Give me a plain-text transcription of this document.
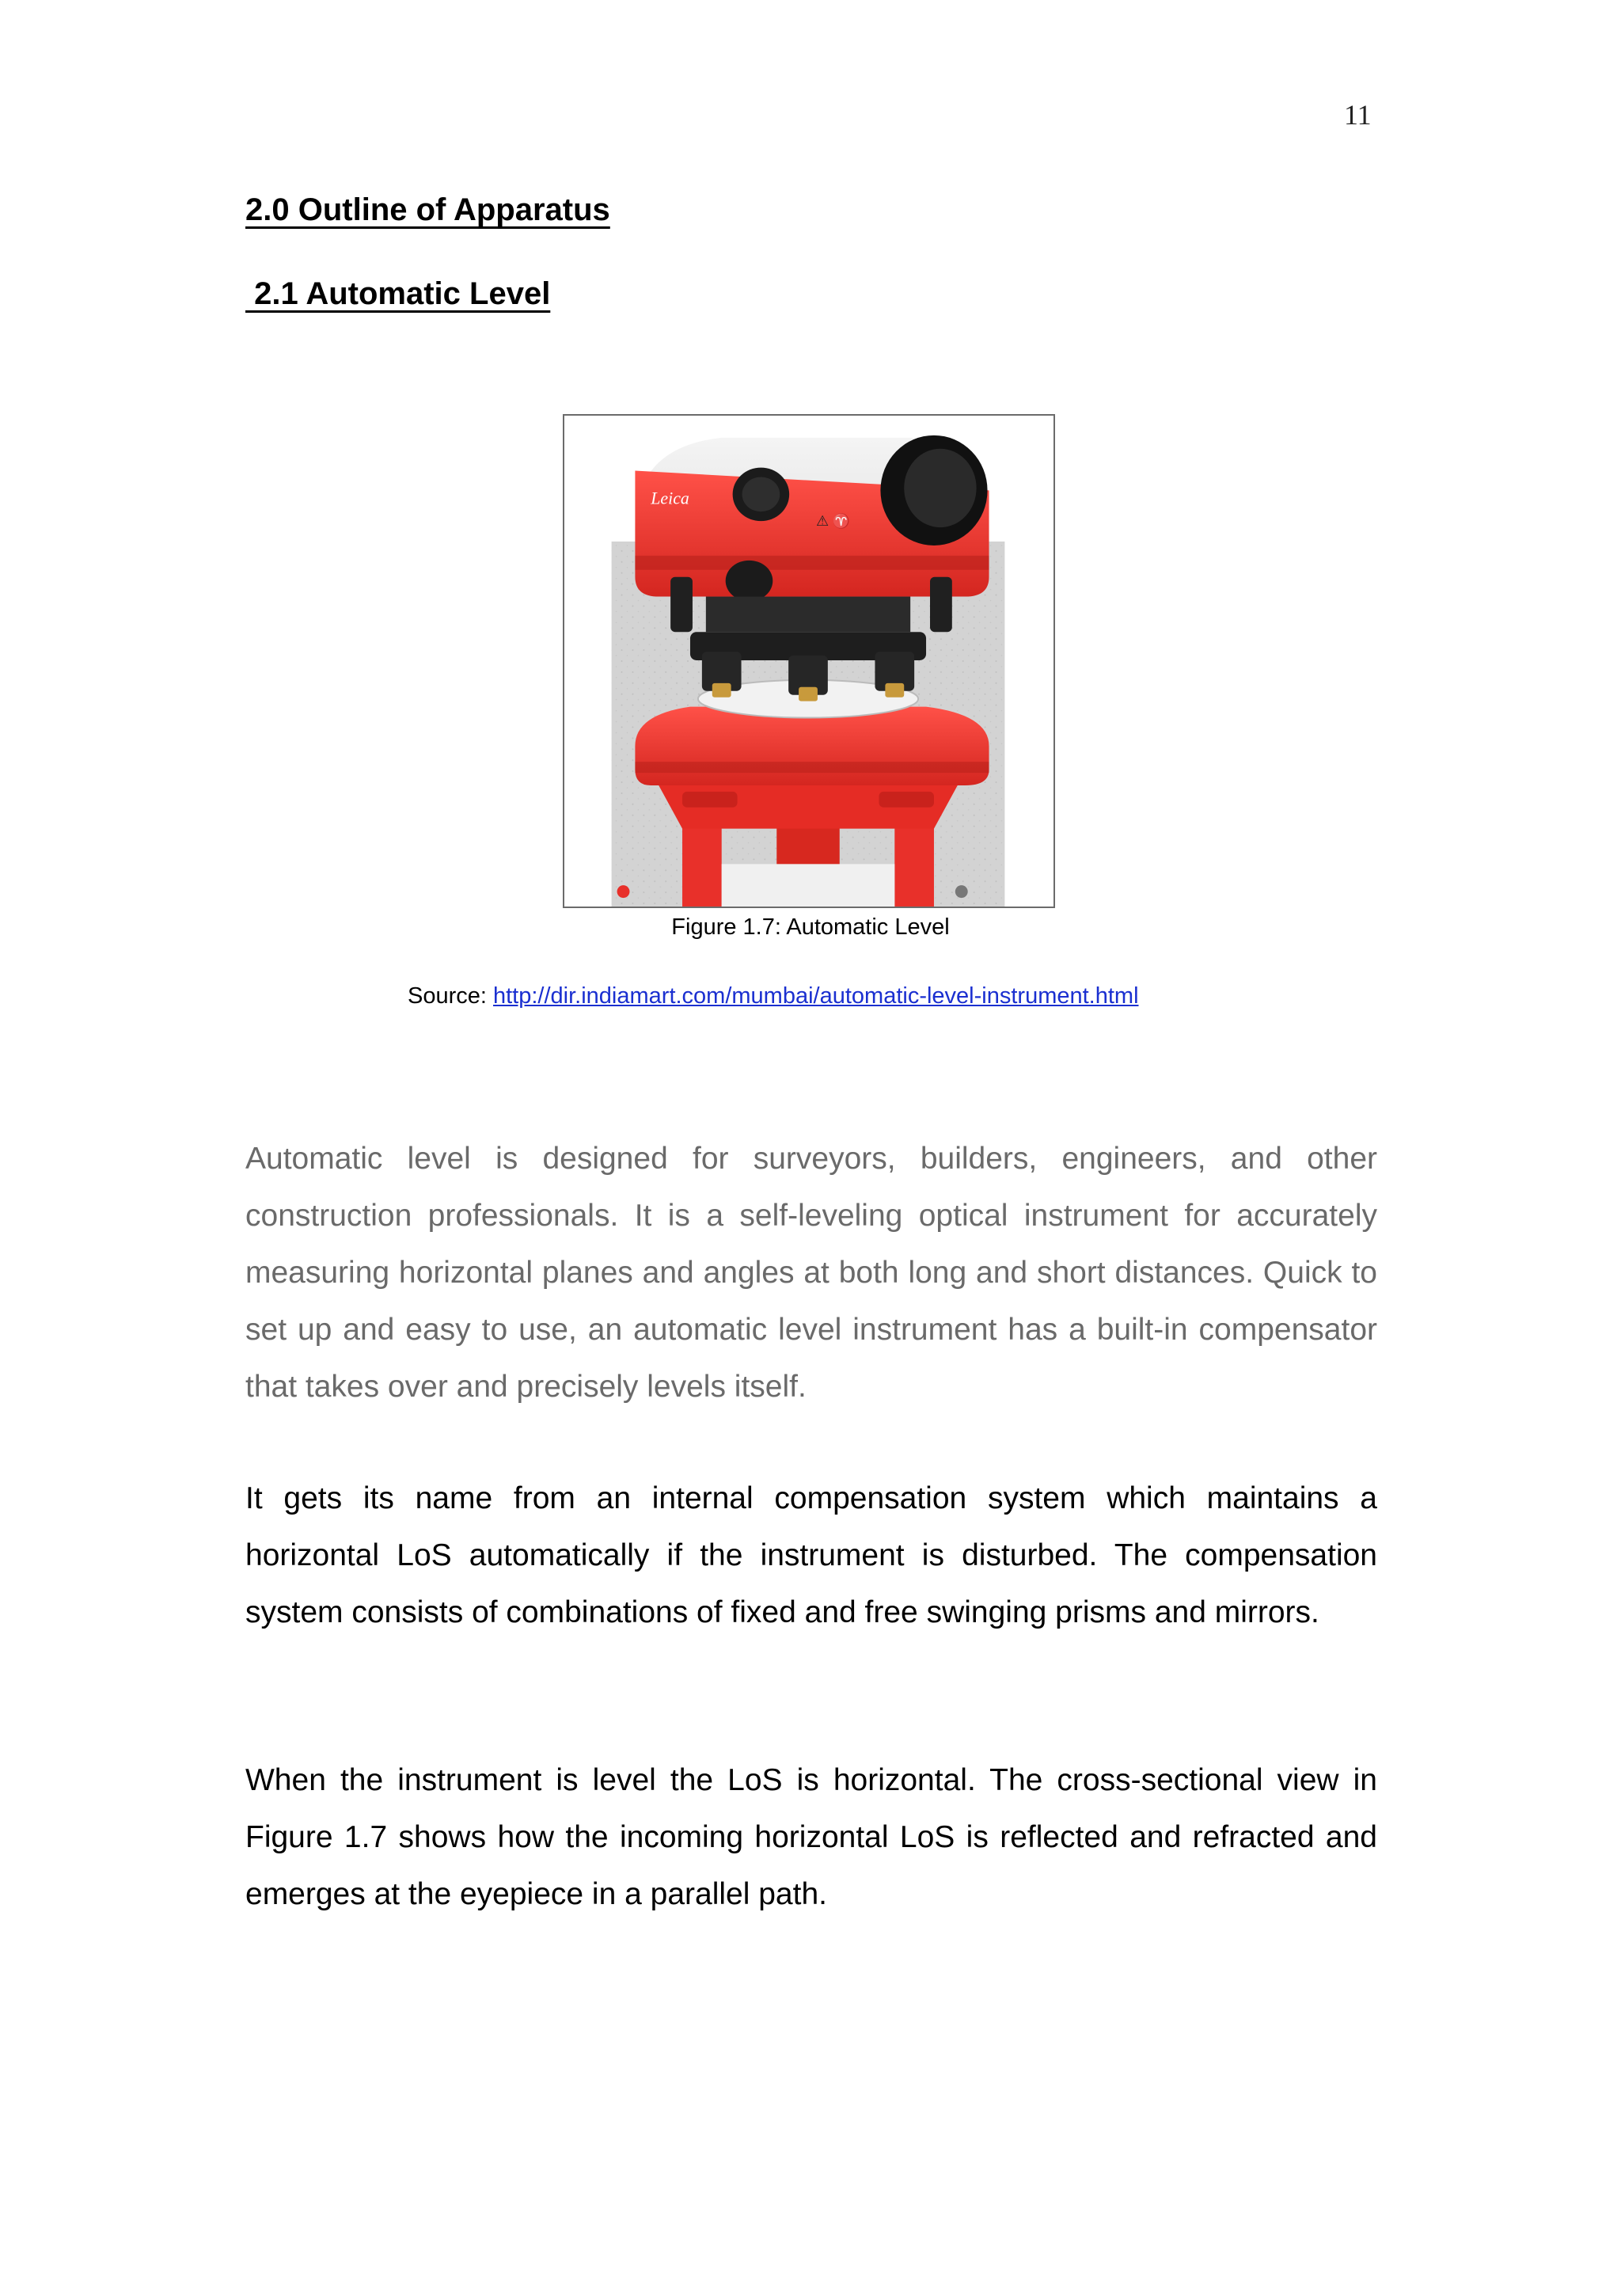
11
2.0 Outline of Apparatus
2.1 Automatic Level
Leica
⚠ ♈
Figure 1.7: Automatic Level
Source: http://dir.indiamart.com/mumbai/automatic-level-instrument.html
Automatic level is designed for surveyors, builders, engineers, and other construction professionals. It is a self-leveling optical instrument for accurately measuring horizontal planes and angles at both long and short distances. Quick to set up and easy to use, an automatic level instrument has a built-in compensator that takes over and precisely levels itself.
It gets its name from an internal compensation system which maintains a horizontal LoS automatically if the instrument is disturbed. The compensation system consists of combinations of fixed and free swinging prisms and mirrors.
When the instrument is level the LoS is horizontal. The cross-sectional view in Figure 1.7 shows how the incoming horizontal LoS is reflected and refracted and emerges at the eyepiece in a parallel path.
